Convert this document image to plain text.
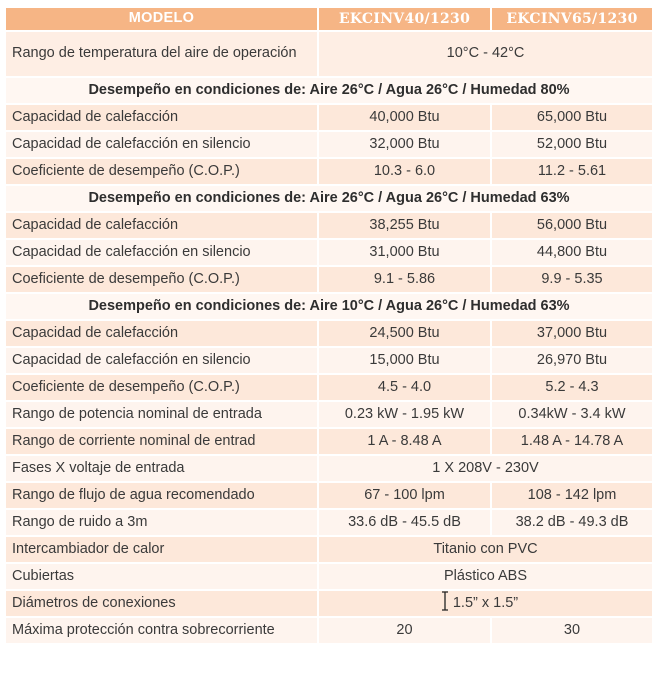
MODELO	EKCINV40/1230	EKCINV65/1230
Rango de temperatura del aire de operación	10°C - 42°C	
Desempeño en condiciones de: Aire 26°C / Agua 26°C / Humedad 80%		
Capacidad de calefacción	40,000 Btu	65,000 Btu
Capacidad de calefacción en silencio	32,000 Btu	52,000 Btu
Coeficiente de desempeño (C.O.P.)	10.3 - 6.0	11.2 - 5.61
Desempeño en condiciones de: Aire 26°C / Agua 26°C / Humedad 63%		
Capacidad de calefacción	38,255 Btu	56,000 Btu
Capacidad de calefacción en silencio	31,000 Btu	44,800 Btu
Coeficiente de desempeño (C.O.P.)	9.1 - 5.86	9.9 - 5.35
Desempeño en condiciones de: Aire 10°C / Agua 26°C / Humedad 63%		
Capacidad de calefacción	24,500 Btu	37,000 Btu
Capacidad de calefacción en silencio	15,000 Btu	26,970 Btu
Coeficiente de desempeño (C.O.P.)	4.5 - 4.0	5.2 - 4.3
Rango de potencia nominal de entrada	0.23 kW - 1.95 kW	0.34kW - 3.4 kW
Rango de corriente nominal de entrad	1 A - 8.48 A	1.48 A - 14.78 A
Fases X voltaje de entrada	1 X 208V - 230V	
Rango de flujo de agua recomendado	67 - 100 lpm	108 - 142 lpm
Rango de ruido a 3m	33.6 dB - 45.5 dB	38.2 dB - 49.3 dB
Intercambiador de calor	Titanio con PVC	
Cubiertas	Plástico ABS	
Diámetros de conexiones	1.5” x 1.5”	
Máxima protección contra sobrecorriente	20	30
